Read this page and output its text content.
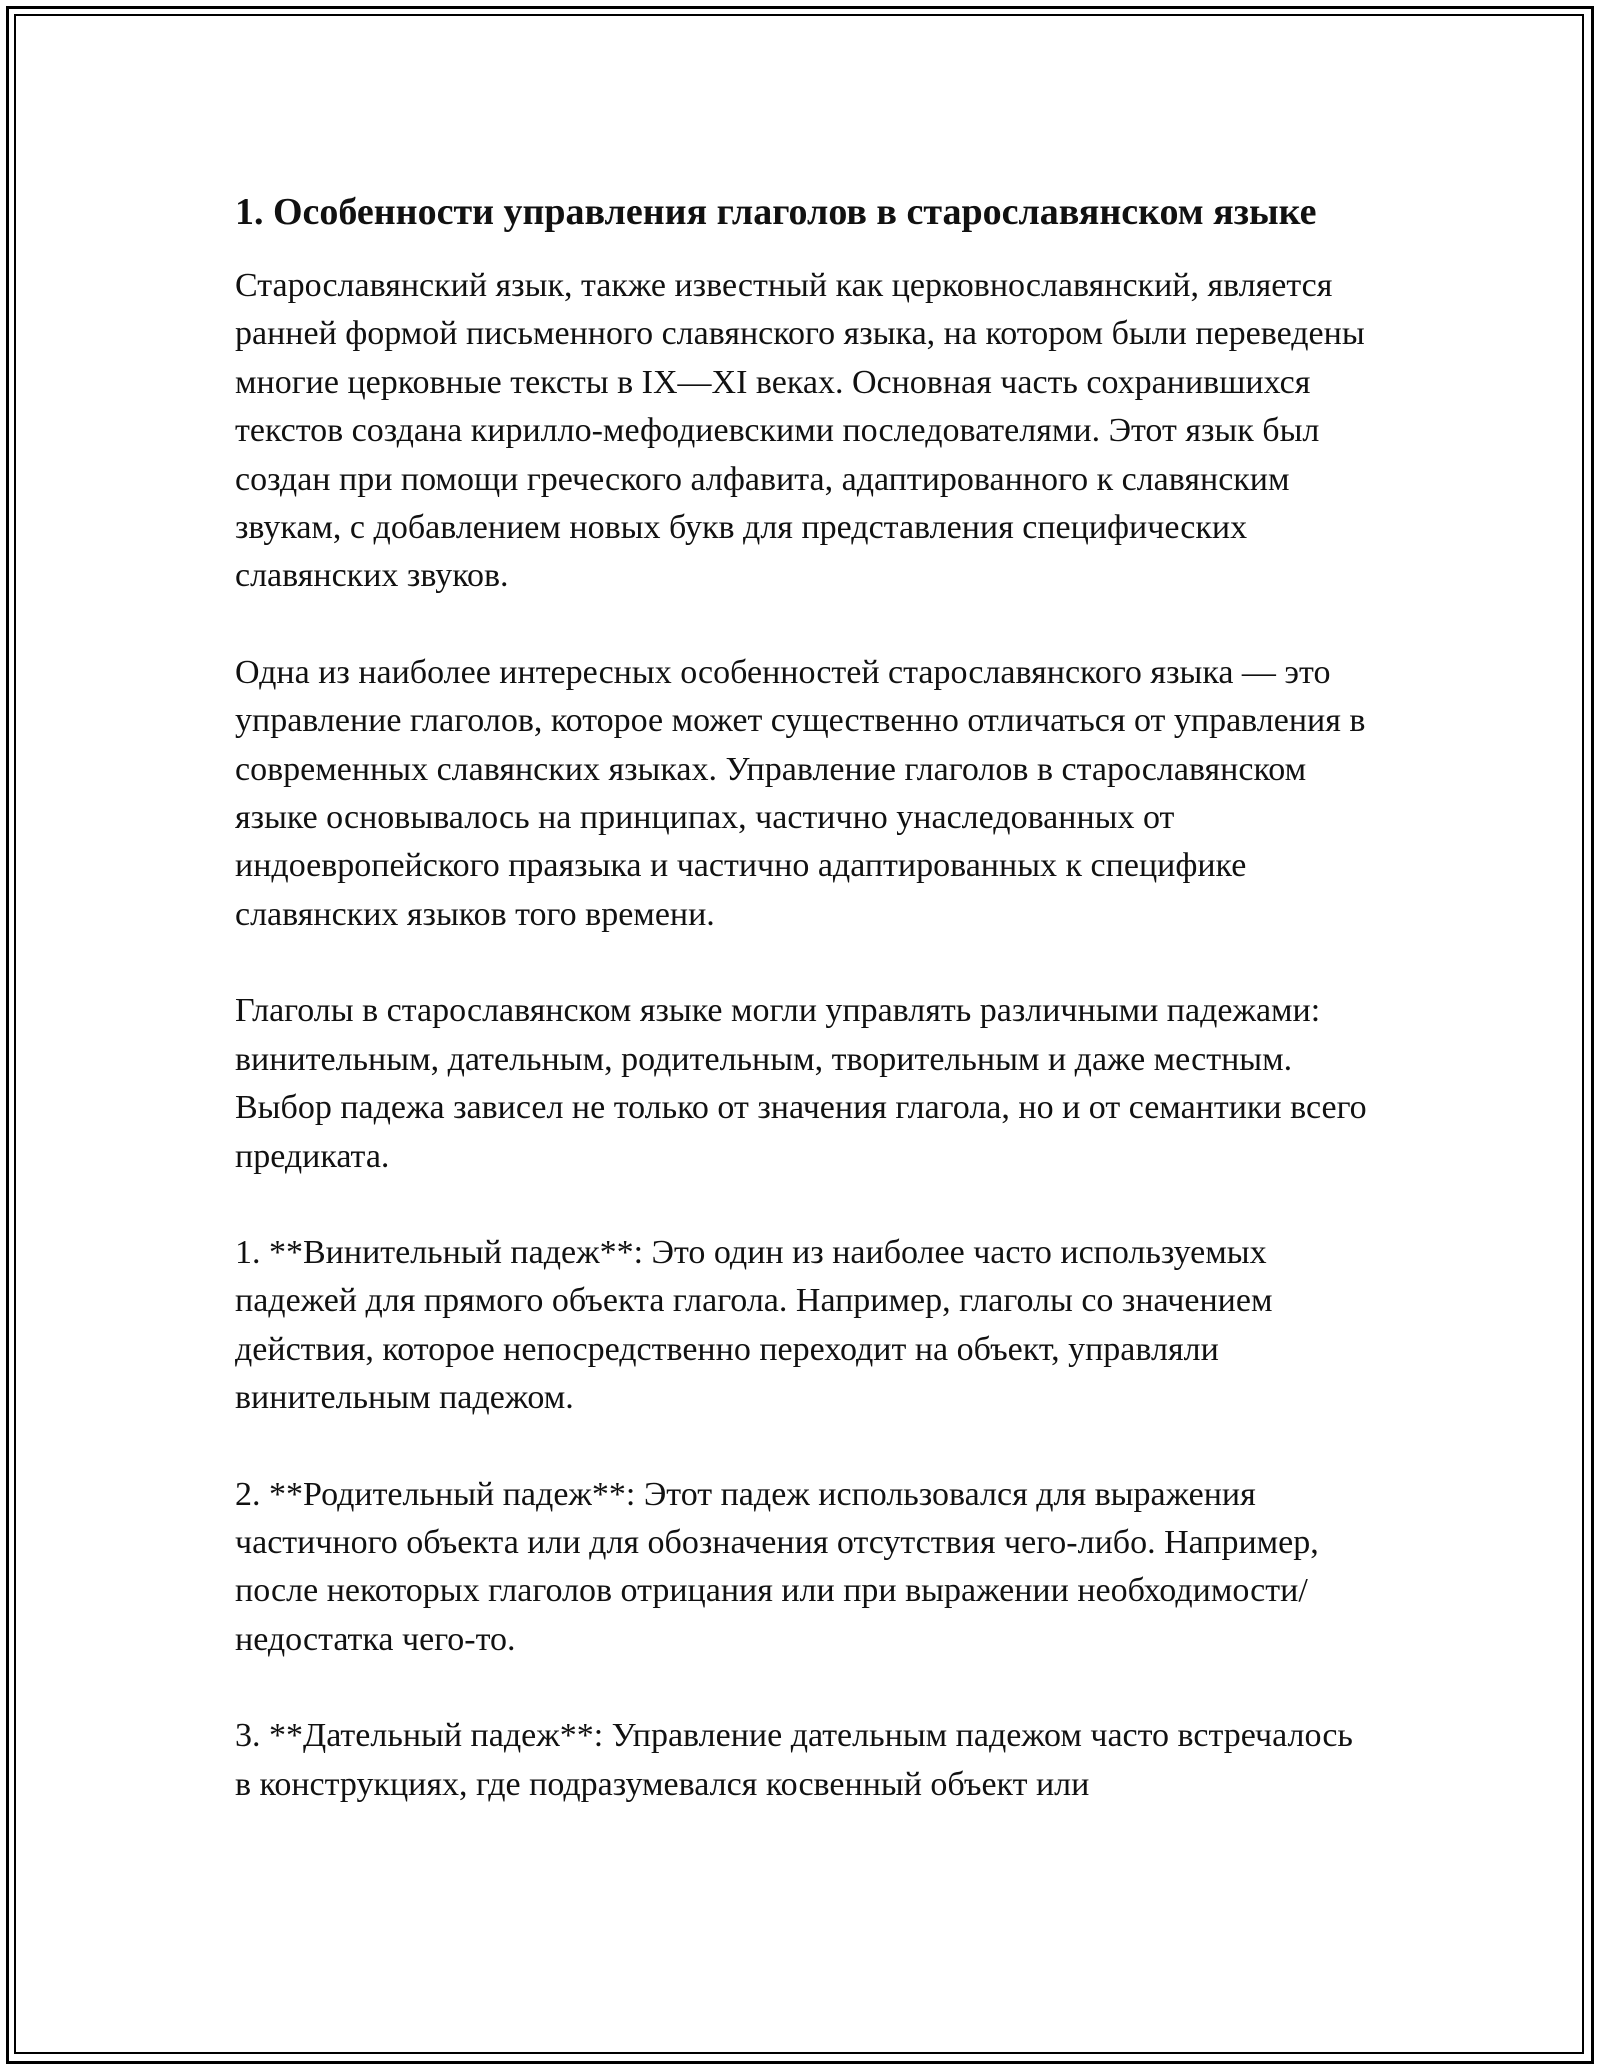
1. Особенности управления глаголов в старославянском языке

Старославянский язык, также известный как церковнославянский, является ранней формой письменного славянского языка, на котором были переведены многие церковные тексты в IX—XI веках. Основная часть сохранившихся текстов создана кирилло-мефодиевскими последователями. Этот язык был создан при помощи греческого алфавита, адаптированного к славянским звукам, с добавлением новых букв для представления специфических славянских звуков.

Одна из наиболее интересных особенностей старославянского языка — это управление глаголов, которое может существенно отличаться от управления в современных славянских языках. Управление глаголов в старославянском языке основывалось на принципах, частично унаследованных от индоевропейского праязыка и частично адаптированных к специфике славянских языков того времени.

Глаголы в старославянском языке могли управлять различными падежами: винительным, дательным, родительным, творительным и даже местным. Выбор падежа зависел не только от значения глагола, но и от семантики всего предиката.

1. **Винительный падеж**: Это один из наиболее часто используемых падежей для прямого объекта глагола. Например, глаголы со значением действия, которое непосредственно переходит на объект, управляли винительным падежом.

2. **Родительный падеж**: Этот падеж использовался для выражения частичного объекта или для обозначения отсутствия чего-либо. Например, после некоторых глаголов отрицания или при выражении необходимости/недостатка чего-то.

3. **Дательный падеж**: Управление дательным падежом часто встречалось в конструкциях, где подразумевался косвенный объект или
